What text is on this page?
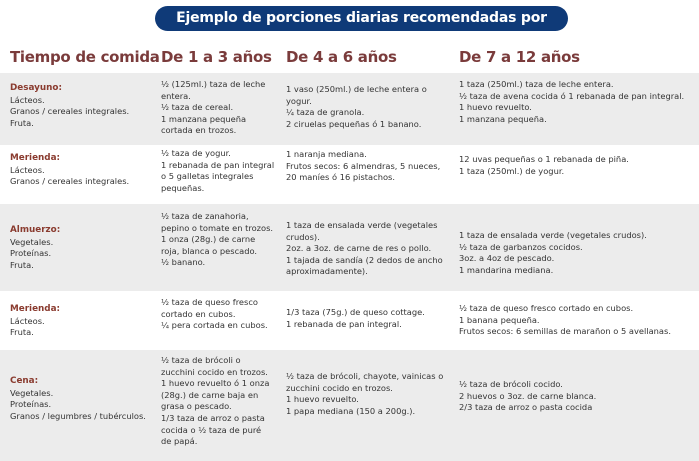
Ejemplo de porciones diarias recomendadas por edades
Tiempo de comida De 1 a 3 años De 4 a 6 años	De 7 a 12 años
Desayuno:
Lácteos.
Granos / cereales integrales.
Fruta.
½ (125ml.) taza de leche
entera.
½ taza de cereal.
1 manzana pequeña
cortada en trozos.
1 vaso (250ml.) de leche entera o
yogur.
¼ taza de granola.
2 ciruelas pequeñas ó 1 banano.
1 taza (250ml.) taza de leche entera.
½ taza de avena cocida ó 1 rebanada de pan integral.
1 huevo revuelto.
1 manzana pequeña.
Merienda:
Lácteos.
Granos / cereales integrales.
½ taza de yogur.
1 rebanada de pan integral
o 5 galletas integrales
pequeñas.
1 naranja mediana.
Frutos secos: 6 almendras, 5 nueces,
20 maníes ó 16 pistachos.
12 uvas pequeñas o 1 rebanada de piña.
1 taza (250ml.) de yogur.
Almuerzo:
Vegetales.
Proteínas.
Fruta.
½ taza de zanahoria,
pepino o tomate en trozos.
1 onza (28g.) de carne
roja, blanca o pescado.
½ banano.
1 taza de ensalada verde (vegetales
crudos).
2oz. a 3oz. de carne de res o pollo.
1 tajada de sandía (2 dedos de ancho
aproximadamente).
1 taza de ensalada verde (vegetales crudos).
½ taza de garbanzos cocidos.
3oz. a 4oz de pescado.
1 mandarina mediana.
Merienda:
Lácteos.
Fruta.
½ taza de queso fresco
cortado en cubos.
¼ pera cortada en cubos.
1/3 taza (75g.) de queso cottage.
1 rebanada de pan integral.
½ taza de queso fresco cortado en cubos.
1 banana pequeña.
Frutos secos: 6 semillas de marañon o 5 avellanas.
Cena:
Vegetales.
Proteínas.
Granos / legumbres / tubérculos.
½ taza de brócoli o
zucchini cocido en trozos.
1 huevo revuelto ó 1 onza
(28g.) de carne baja en
grasa o pescado.
1/3 taza de arroz o pasta
cocida o ½ taza de puré
de papá.
½ taza de brócoli, chayote, vainicas o
zucchini cocido en trozos.
1 huevo revuelto.
1 papa mediana (150 a 200g.).
½ taza de brócoli cocido.
2 huevos o 3oz. de carne blanca.
2/3 taza de arroz o pasta cocida
